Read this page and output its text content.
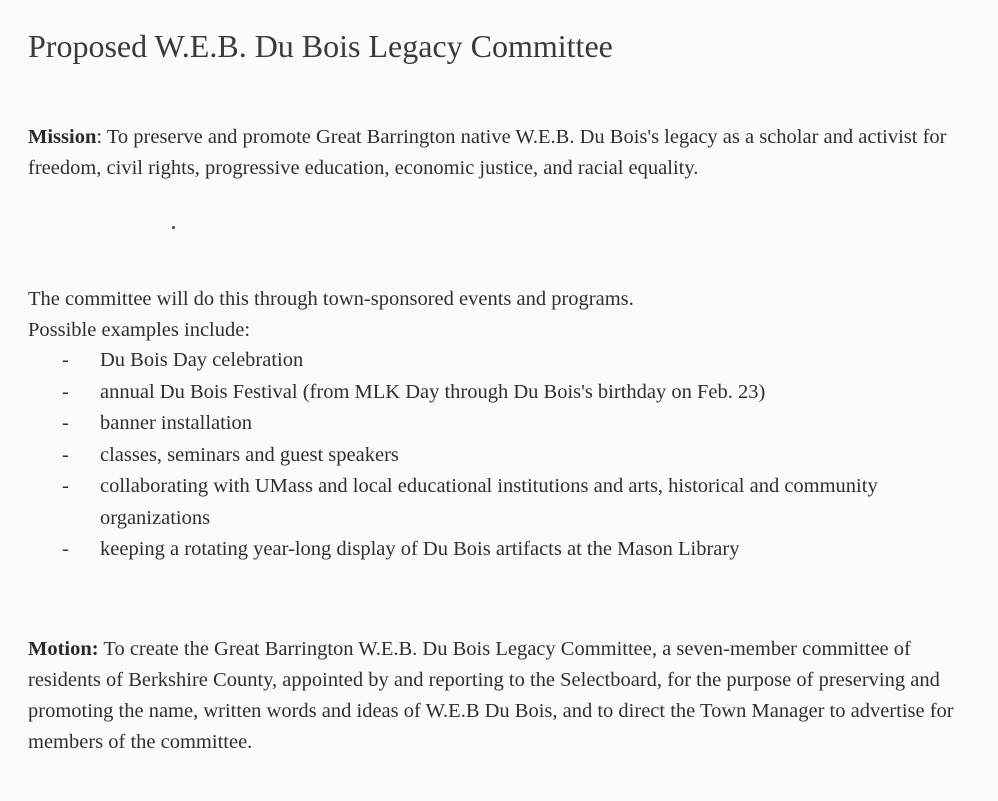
Proposed W.E.B. Du Bois Legacy Committee

Mission: To preserve and promote Great Barrington native W.E.B. Du Bois's legacy as a scholar and activist for freedom, civil rights, progressive education, economic justice, and racial equality.

The committee will do this through town-sponsored events and programs.
Possible examples include:

- Du Bois Day celebration
- annual Du Bois Festival (from MLK Day through Du Bois's birthday on Feb. 23)
- banner installation
- classes, seminars and guest speakers
- collaborating with UMass and local educational institutions and arts, historical and community organizations
- keeping a rotating year-long display of Du Bois artifacts at the Mason Library

Motion: To create the Great Barrington W.E.B. Du Bois Legacy Committee, a seven-member committee of residents of Berkshire County, appointed by and reporting to the Selectboard, for the purpose of preserving and promoting the name, written words and ideas of W.E.B Du Bois, and to direct the Town Manager to advertise for members of the committee.
